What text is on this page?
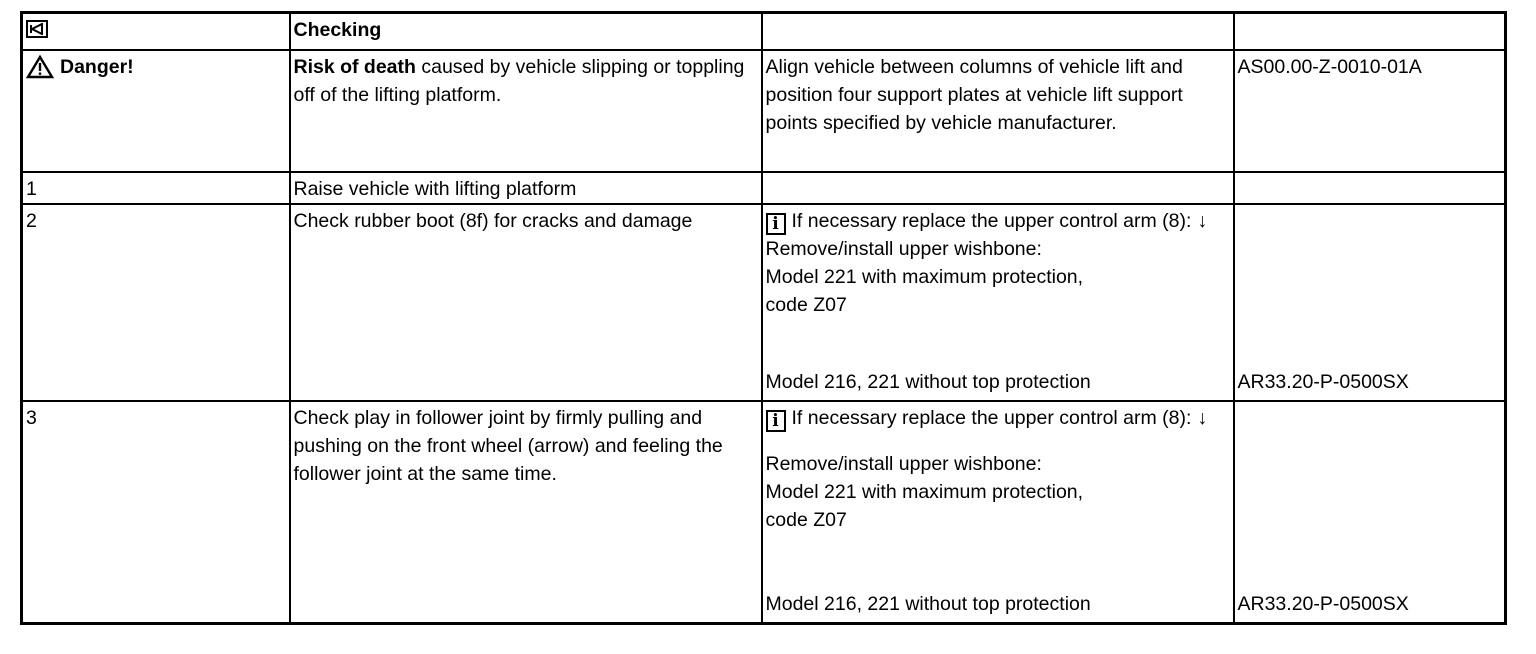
	Checking		

Danger!	Risk of death caused by vehicle slipping or toppling off of the lifting platform.	Align vehicle between columns of vehicle lift and position four support plates at vehicle lift support points specified by vehicle manufacturer.	AS00.00-Z-0010-01A
1	Raise vehicle with lifting platform		
2	Check rubber boot (8f) for cracks and damage	i If necessary replace the upper control arm (8): ↓
Remove/install upper wishbone:
Model 221 with maximum protection,
code Z07
Model 216, 221 without top protection	AR33.20-P-0500SX

3	Check play in follower joint by firmly pulling and pushing on the front wheel (arrow) and feeling the follower joint at the same time.	i If necessary replace the upper control arm (8): ↓
Remove/install upper wishbone:
Model 221 with maximum protection,
code Z07
Model 216, 221 without top protection	AR33.20-P-0500SX
